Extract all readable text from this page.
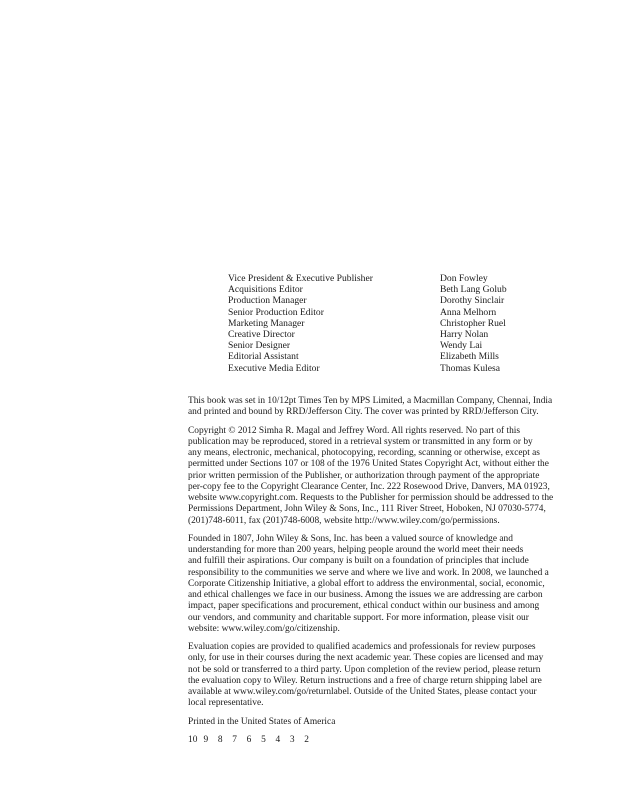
Vice President & Executive Publisher	Don Fowley
Acquisitions Editor	Beth Lang Golub
Production Manager	Dorothy Sinclair
Senior Production Editor	Anna Melhorn
Marketing Manager	Christopher Ruel
Creative Director	Harry Nolan
Senior Designer	Wendy Lai
Editorial Assistant	Elizabeth Mills
Executive Media Editor	Thomas Kulesa

This book was set in 10/12pt Times Ten by MPS Limited, a Macmillan Company, Chennai, India
and printed and bound by RRD/Jefferson City. The cover was printed by RRD/Jefferson City.

Copyright © 2012 Simha R. Magal and Jeffrey Word. All rights reserved. No part of this
publication may be reproduced, stored in a retrieval system or transmitted in any form or by
any means, electronic, mechanical, photocopying, recording, scanning or otherwise, except as
permitted under Sections 107 or 108 of the 1976 United States Copyright Act, without either the
prior written permission of the Publisher, or authorization through payment of the appropriate
per-copy fee to the Copyright Clearance Center, Inc. 222 Rosewood Drive, Danvers, MA 01923,
website www.copyright.com. Requests to the Publisher for permission should be addressed to the
Permissions Department, John Wiley & Sons, Inc., 111 River Street, Hoboken, NJ 07030-5774,
(201)748-6011, fax (201)748-6008, website http://www.wiley.com/go/permissions.

Founded in 1807, John Wiley & Sons, Inc. has been a valued source of knowledge and
understanding for more than 200 years, helping people around the world meet their needs
and fulfill their aspirations. Our company is built on a foundation of principles that include
responsibility to the communities we serve and where we live and work. In 2008, we launched a
Corporate Citizenship Initiative, a global effort to address the environmental, social, economic,
and ethical challenges we face in our business. Among the issues we are addressing are carbon
impact, paper specifications and procurement, ethical conduct within our business and among
our vendors, and community and charitable support. For more information, please visit our
website: www.wiley.com/go/citizenship.

Evaluation copies are provided to qualified academics and professionals for review purposes
only, for use in their courses during the next academic year. These copies are licensed and may
not be sold or transferred to a third party. Upon completion of the review period, please return
the evaluation copy to Wiley. Return instructions and a free of charge return shipping label are
available at www.wiley.com/go/returnlabel. Outside of the United States, please contact your
local representative.

Printed in the United States of America
10 9	8	7	6	5	4	3	2
